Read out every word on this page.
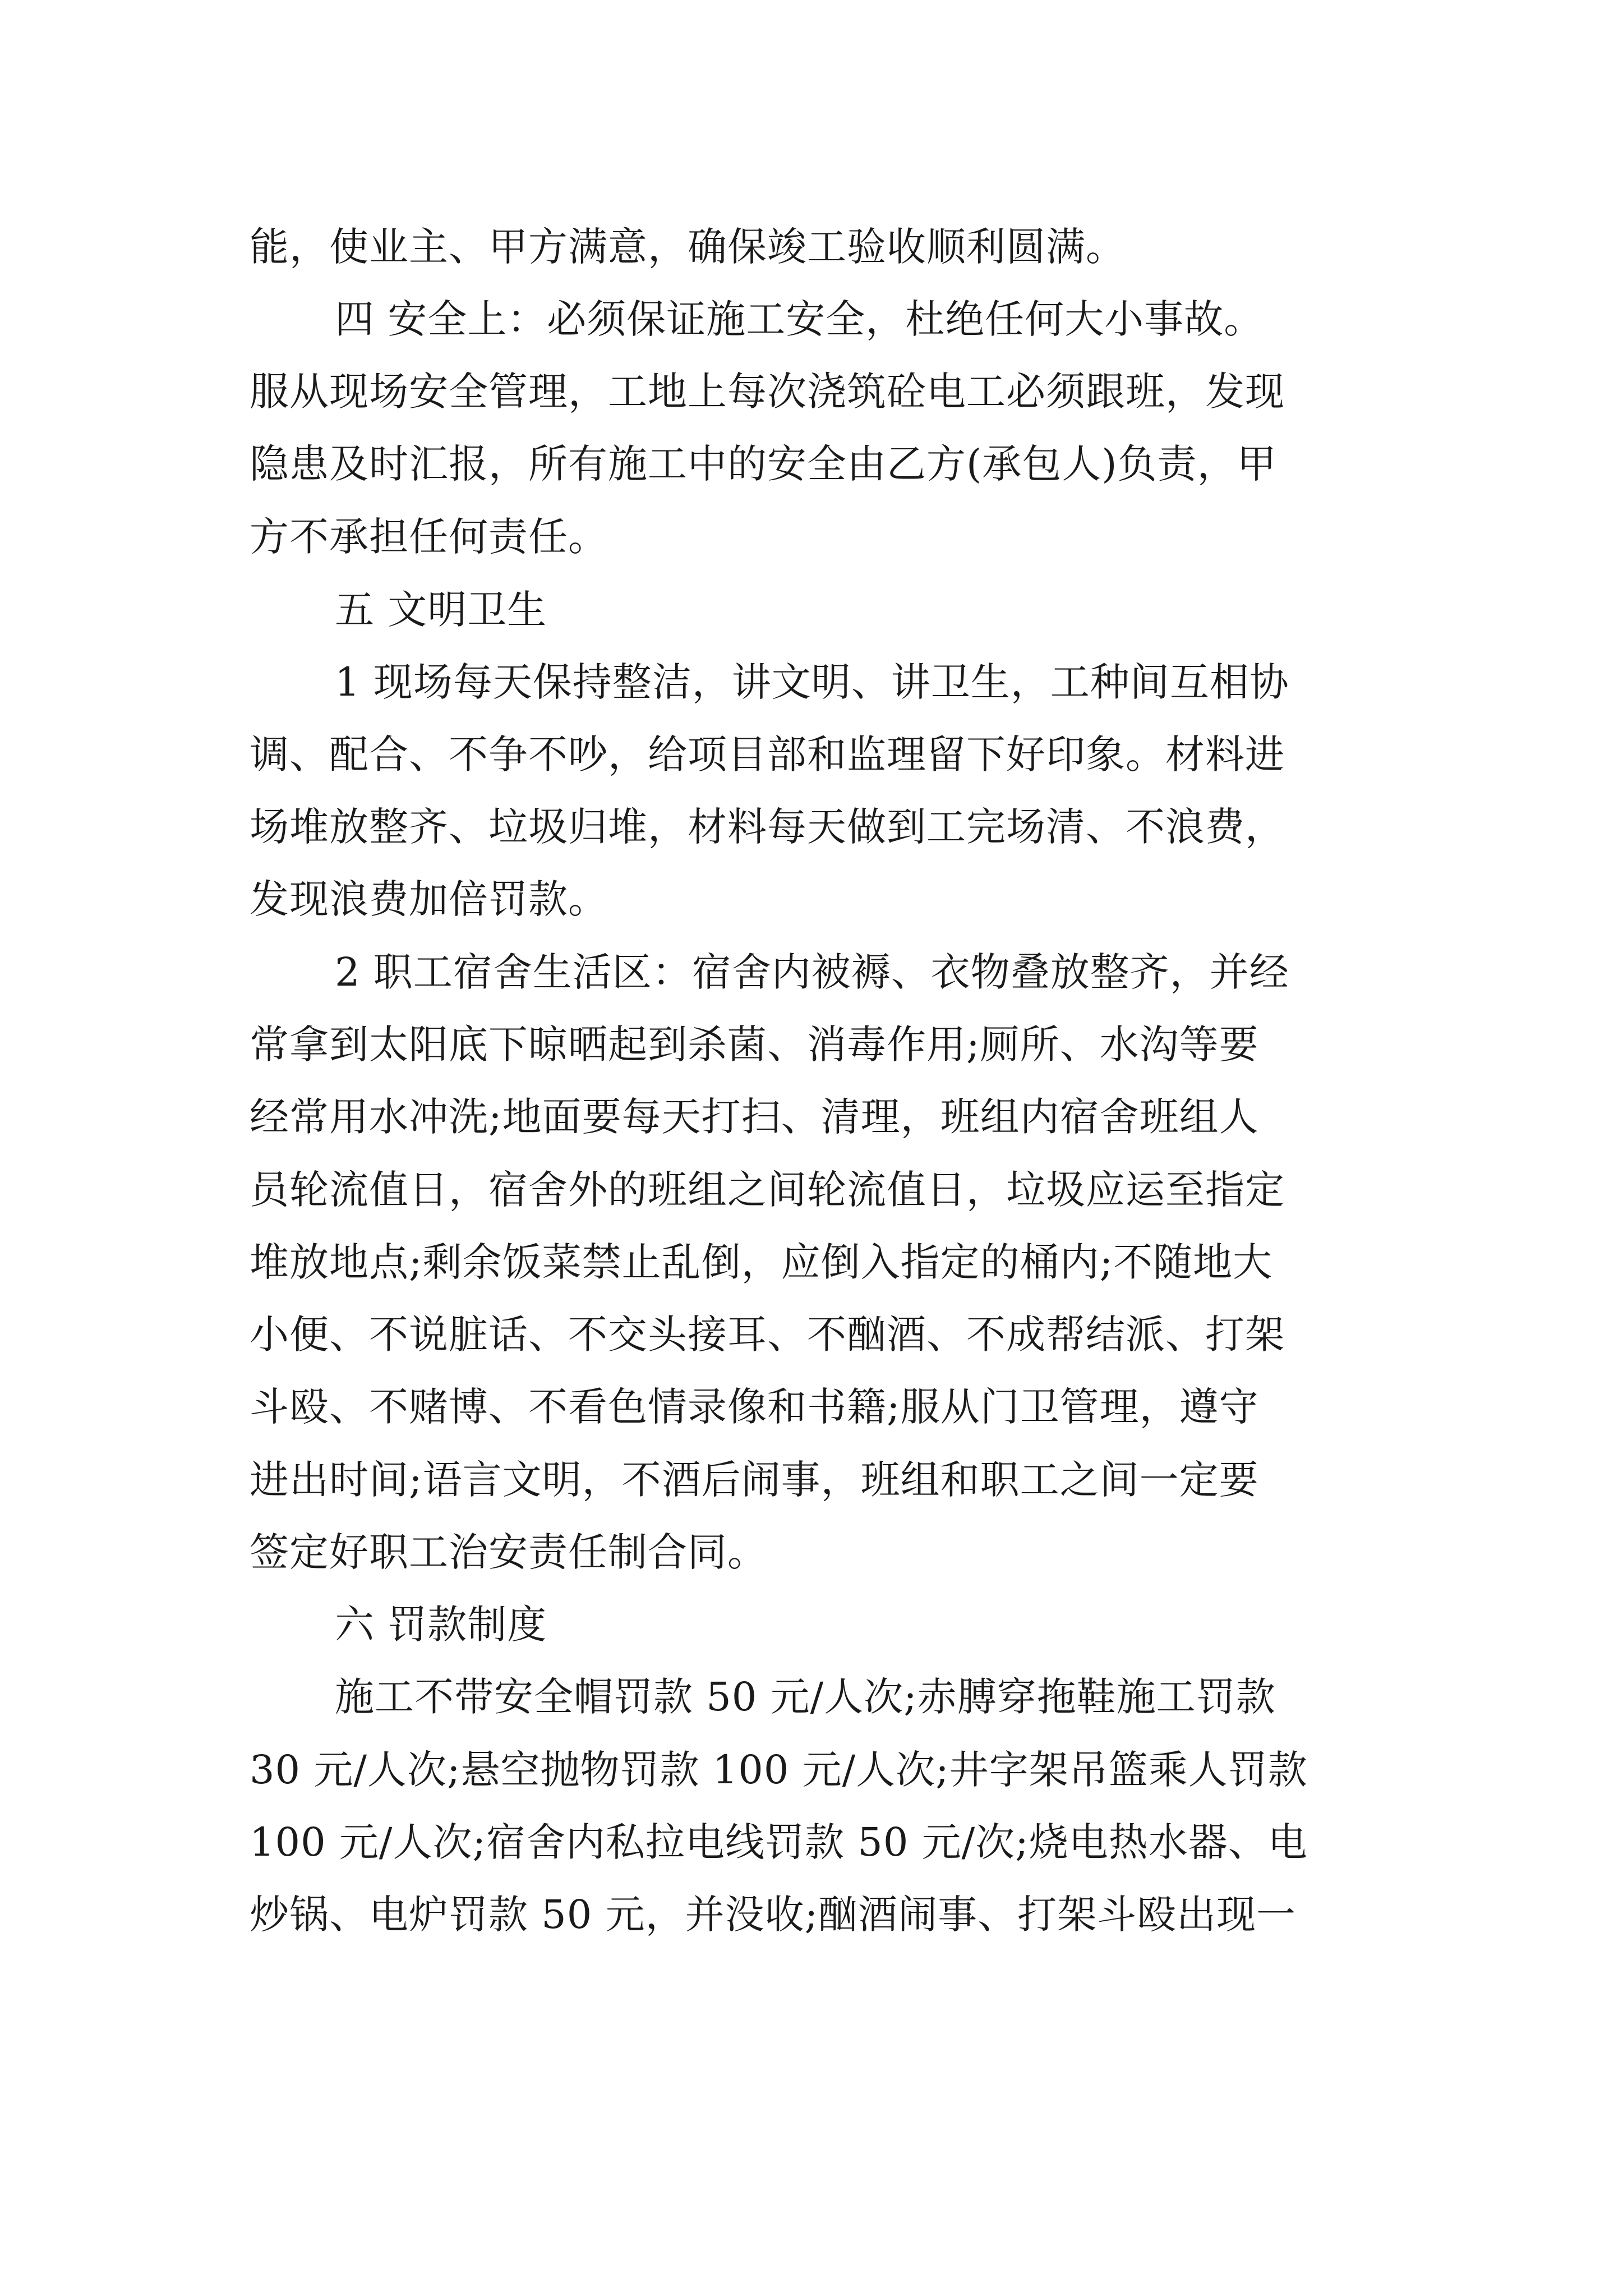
能，使业主、甲方满意，确保竣工验收顺利圆满。
四 安全上：必须保证施工安全，杜绝任何大小事故。
服从现场安全管理，工地上每次浇筑砼电工必须跟班，发现
隐患及时汇报，所有施工中的安全由乙方(承包人)负责，甲
方不承担任何责任。
五 文明卫生
1 现场每天保持整洁，讲文明、讲卫生，工种间互相协
调、配合、不争不吵，给项目部和监理留下好印象。材料进
场堆放整齐、垃圾归堆，材料每天做到工完场清、不浪费，
发现浪费加倍罚款。
2 职工宿舍生活区：宿舍内被褥、衣物叠放整齐，并经
常拿到太阳底下晾晒起到杀菌、消毒作用;厕所、水沟等要
经常用水冲洗;地面要每天打扫、清理，班组内宿舍班组人
员轮流值日，宿舍外的班组之间轮流值日，垃圾应运至指定
堆放地点;剩余饭菜禁止乱倒，应倒入指定的桶内;不随地大
小便、不说脏话、不交头接耳、不酗酒、不成帮结派、打架
斗殴、不赌博、不看色情录像和书籍;服从门卫管理，遵守
进出时间;语言文明，不酒后闹事，班组和职工之间一定要
签定好职工治安责任制合同。
六 罚款制度
施工不带安全帽罚款 50 元/人次;赤膊穿拖鞋施工罚款
30 元/人次;悬空抛物罚款 100 元/人次;井字架吊篮乘人罚款
100 元/人次;宿舍内私拉电线罚款 50 元/次;烧电热水器、电
炒锅、电炉罚款 50 元，并没收;酗酒闹事、打架斗殴出现一
